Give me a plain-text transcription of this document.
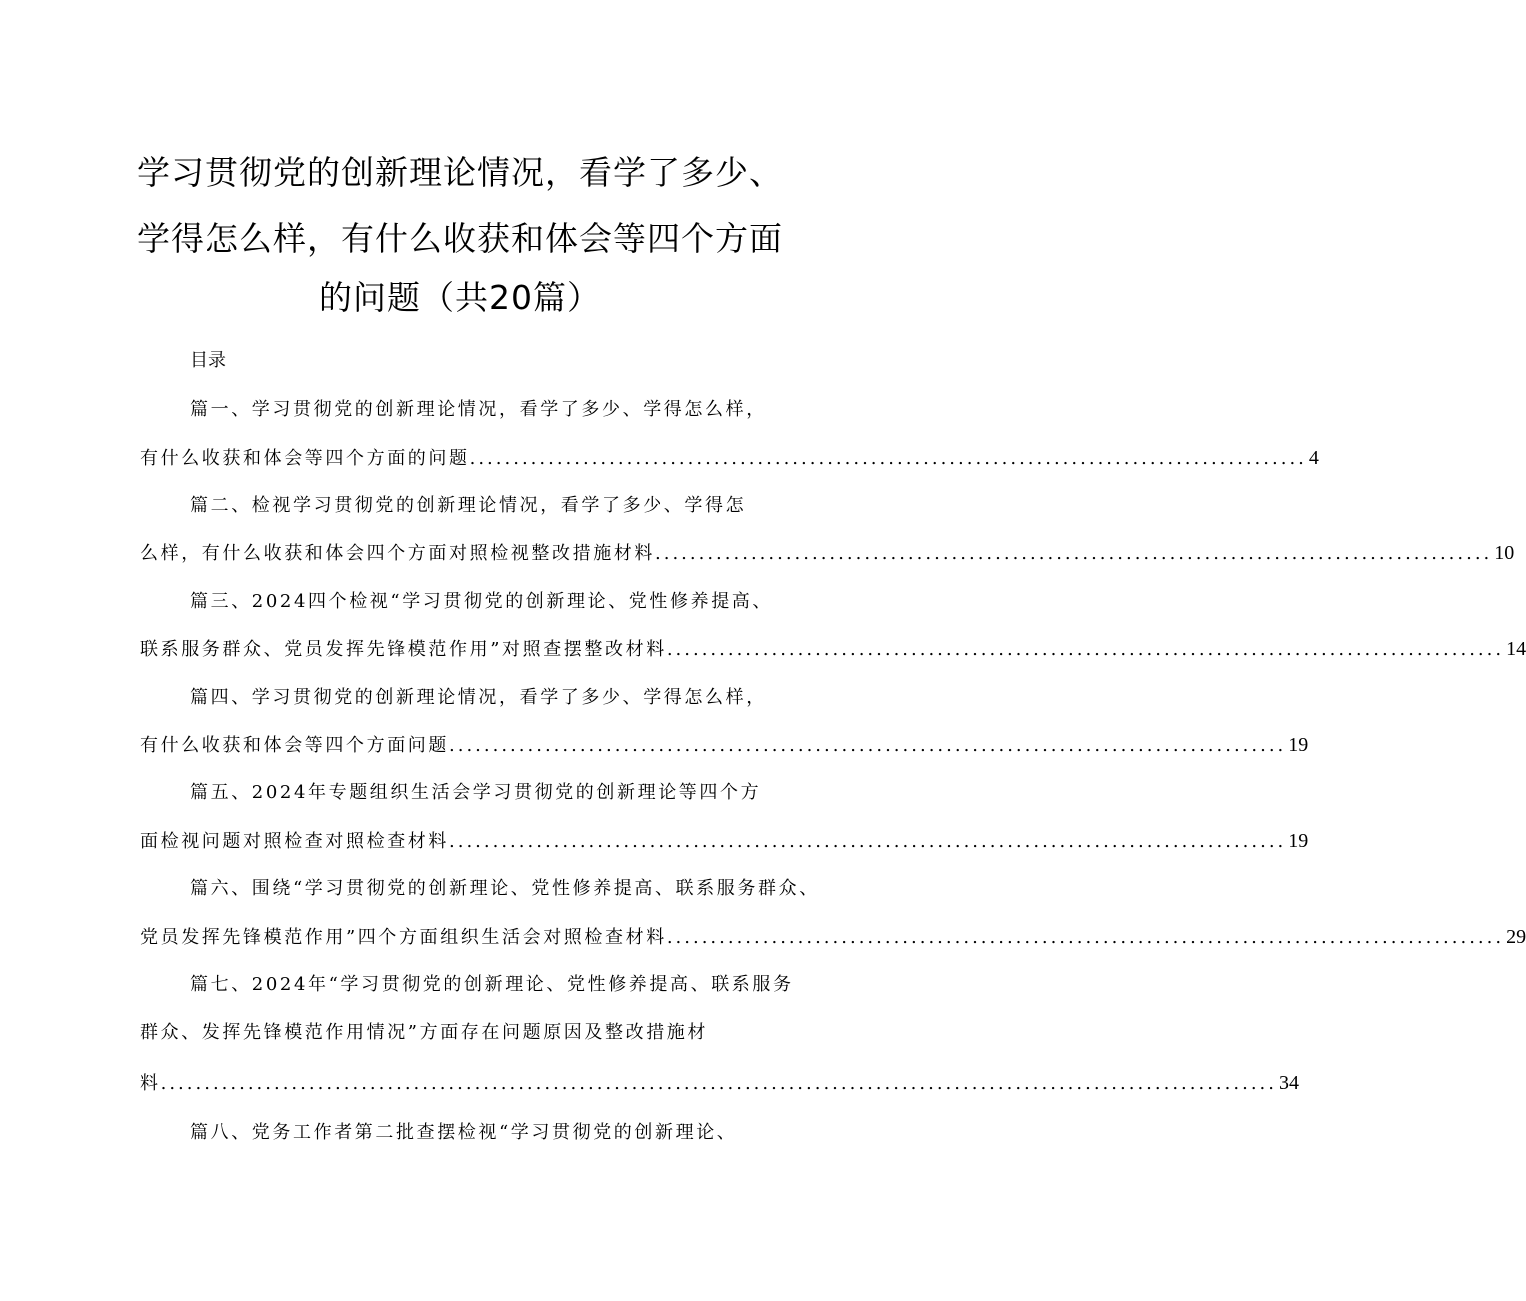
学习贯彻党的创新理论情况，看学了多少、
学得怎么样，有什么收获和体会等四个方面
的问题（共20篇）
目录
篇一、学习贯彻党的创新理论情况，看学了多少、学得怎么样，
有什么收获和体会等四个方面的问题 ................................................................................................ 4
篇二、检视学习贯彻党的创新理论情况，看学了多少、学得怎
么样，有什么收获和体会四个方面对照检视整改措施材料 ................................................................................................ 10
篇三、2024四个检视“学习贯彻党的创新理论、党性修养提高、
联系服务群众、党员发挥先锋模范作用”对照查摆整改材料 ................................................................................................ 14
篇四、学习贯彻党的创新理论情况，看学了多少、学得怎么样，
有什么收获和体会等四个方面问题 ................................................................................................ 19
篇五、2024年专题组织生活会学习贯彻党的创新理论等四个方
面检视问题对照检查对照检查材料 ................................................................................................ 19
篇六、围绕“学习贯彻党的创新理论、党性修养提高、联系服务群众、
党员发挥先锋模范作用”四个方面组织生活会对照检查材料 ................................................................................................ 29
篇七、2024年“学习贯彻党的创新理论、党性修养提高、联系服务
群众、发挥先锋模范作用情况”方面存在问题原因及整改措施材
料 ................................................................................................................................ 34
篇八、党务工作者第二批查摆检视“学习贯彻党的创新理论、
